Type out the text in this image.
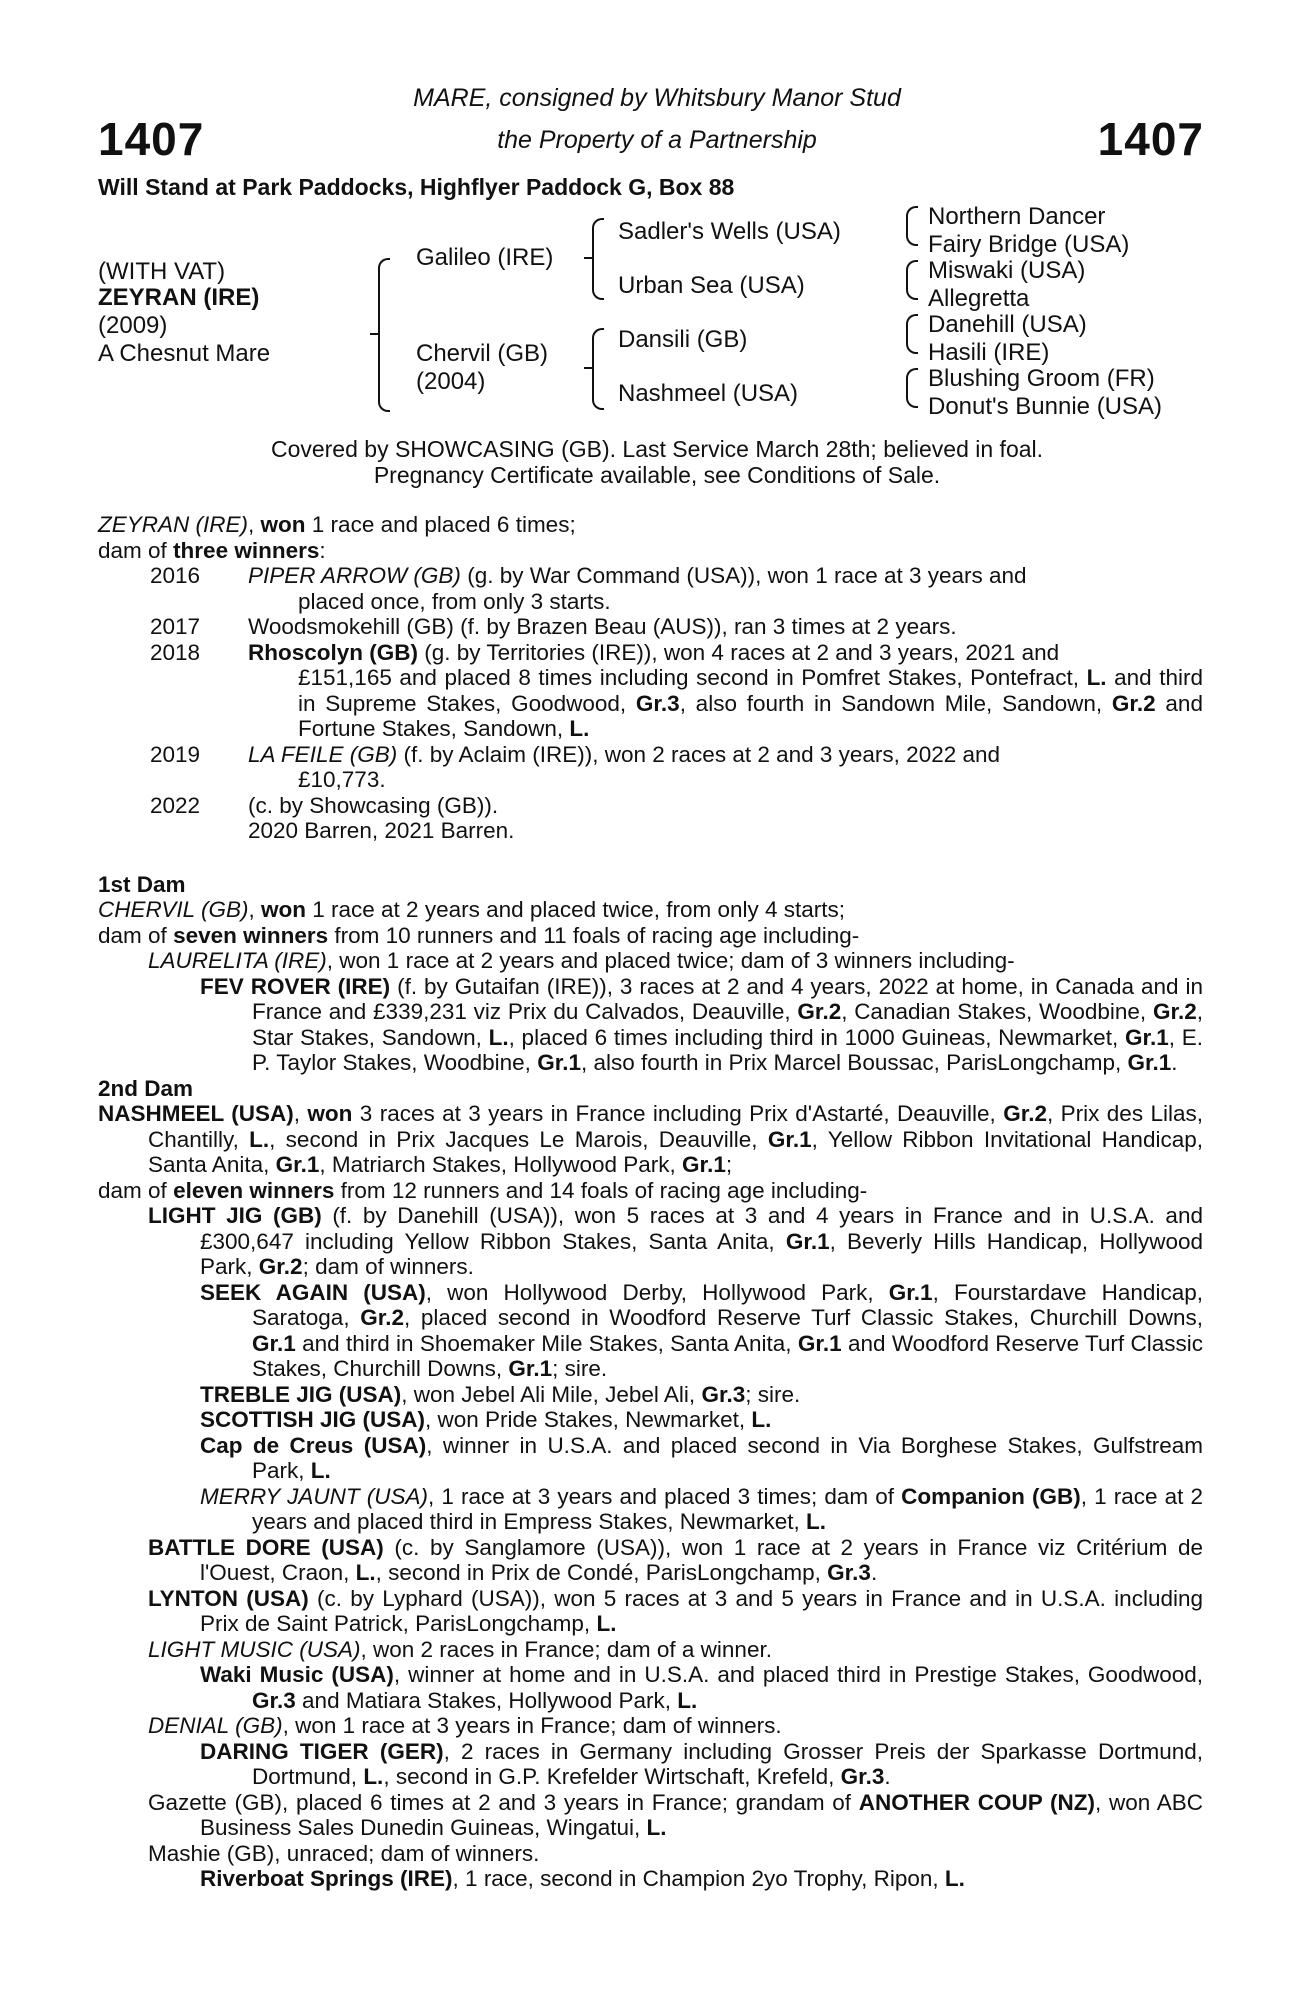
1407	1407
MARE, consigned by Whitsbury Manor Stud
the Property of a Partnership
Will Stand at Park Paddocks, Highflyer Paddock G, Box 88
(WITH VAT)
ZEYRAN (IRE)
(2009)
A Chesnut Mare
Galileo (IRE)
Chervil (GB)
(2004)
Sadler's Wells (USA)
Urban Sea (USA)
Dansili (GB)
Nashmeel (USA)
Northern Dancer
Fairy Bridge (USA)
Miswaki (USA)
Allegretta
Danehill (USA)
Hasili (IRE)
Blushing Groom (FR)
Donut's Bunnie (USA)
Covered by SHOWCASING (GB). Last Service March 28th; believed in foal.
Pregnancy Certificate available, see Conditions of Sale.

ZEYRAN (IRE), won 1 race and placed 6 times;

dam of three winners:

2016	PIPER ARROW (GB) (g. by War Command (USA)), won 1 race at 3 years and
placed once, from only 3 starts.
2017	Woodsmokehill (GB) (f. by Brazen Beau (AUS)), ran 3 times at 2 years.
2018	Rhoscolyn (GB) (g. by Territories (IRE)), won 4 races at 2 and 3 years, 2021 and
£151,165 and placed 8 times including second in Pomfret Stakes, Pontefract, L. and third in Supreme Stakes, Goodwood, Gr.3, also fourth in Sandown Mile, Sandown, Gr.2 and Fortune Stakes, Sandown, L.
2019	LA FEILE (GB) (f. by Aclaim (IRE)), won 2 races at 2 and 3 years, 2022 and
£10,773.
2022	(c. by Showcasing (GB)).
2020 Barren, 2021 Barren.

1st Dam

CHERVIL (GB), won 1 race at 2 years and placed twice, from only 4 starts;

dam of seven winners from 10 runners and 11 foals of racing age including-

LAURELITA (IRE), won 1 race at 2 years and placed twice; dam of 3 winners including-

FEV ROVER (IRE) (f. by Gutaifan (IRE)), 3 races at 2 and 4 years, 2022 at home, in Canada and in France and £339,231 viz Prix du Calvados, Deauville, Gr.2, Canadian Stakes, Woodbine, Gr.2, Star Stakes, Sandown, L., placed 6 times including third in 1000 Guineas, Newmarket, Gr.1, E. P. Taylor Stakes, Woodbine, Gr.1, also fourth in Prix Marcel Boussac, ParisLongchamp, Gr.1.

2nd Dam

NASHMEEL (USA), won 3 races at 3 years in France including Prix d'Astarté, Deauville, Gr.2, Prix des Lilas, Chantilly, L., second in Prix Jacques Le Marois, Deauville, Gr.1, Yellow Ribbon Invitational Handicap, Santa Anita, Gr.1, Matriarch Stakes, Hollywood Park, Gr.1;

dam of eleven winners from 12 runners and 14 foals of racing age including-

LIGHT JIG (GB) (f. by Danehill (USA)), won 5 races at 3 and 4 years in France and in U.S.A. and £300,647 including Yellow Ribbon Stakes, Santa Anita, Gr.1, Beverly Hills Handicap, Hollywood Park, Gr.2; dam of winners.

SEEK AGAIN (USA), won Hollywood Derby, Hollywood Park, Gr.1, Fourstardave Handicap, Saratoga, Gr.2, placed second in Woodford Reserve Turf Classic Stakes, Churchill Downs, Gr.1 and third in Shoemaker Mile Stakes, Santa Anita, Gr.1 and Woodford Reserve Turf Classic Stakes, Churchill Downs, Gr.1; sire.

TREBLE JIG (USA), won Jebel Ali Mile, Jebel Ali, Gr.3; sire.

SCOTTISH JIG (USA), won Pride Stakes, Newmarket, L.

Cap de Creus (USA), winner in U.S.A. and placed second in Via Borghese Stakes, Gulfstream Park, L.

MERRY JAUNT (USA), 1 race at 3 years and placed 3 times; dam of Companion (GB), 1 race at 2 years and placed third in Empress Stakes, Newmarket, L.

BATTLE DORE (USA) (c. by Sanglamore (USA)), won 1 race at 2 years in France viz Critérium de l'Ouest, Craon, L., second in Prix de Condé, ParisLongchamp, Gr.3.

LYNTON (USA) (c. by Lyphard (USA)), won 5 races at 3 and 5 years in France and in U.S.A. including Prix de Saint Patrick, ParisLongchamp, L.

LIGHT MUSIC (USA), won 2 races in France; dam of a winner.

Waki Music (USA), winner at home and in U.S.A. and placed third in Prestige Stakes, Goodwood, Gr.3 and Matiara Stakes, Hollywood Park, L.

DENIAL (GB), won 1 race at 3 years in France; dam of winners.

DARING TIGER (GER), 2 races in Germany including Grosser Preis der Sparkasse Dortmund, Dortmund, L., second in G.P. Krefelder Wirtschaft, Krefeld, Gr.3.

Gazette (GB), placed 6 times at 2 and 3 years in France; grandam of ANOTHER COUP (NZ), won ABC Business Sales Dunedin Guineas, Wingatui, L.

Mashie (GB), unraced; dam of winners.

Riverboat Springs (IRE), 1 race, second in Champion 2yo Trophy, Ripon, L.
